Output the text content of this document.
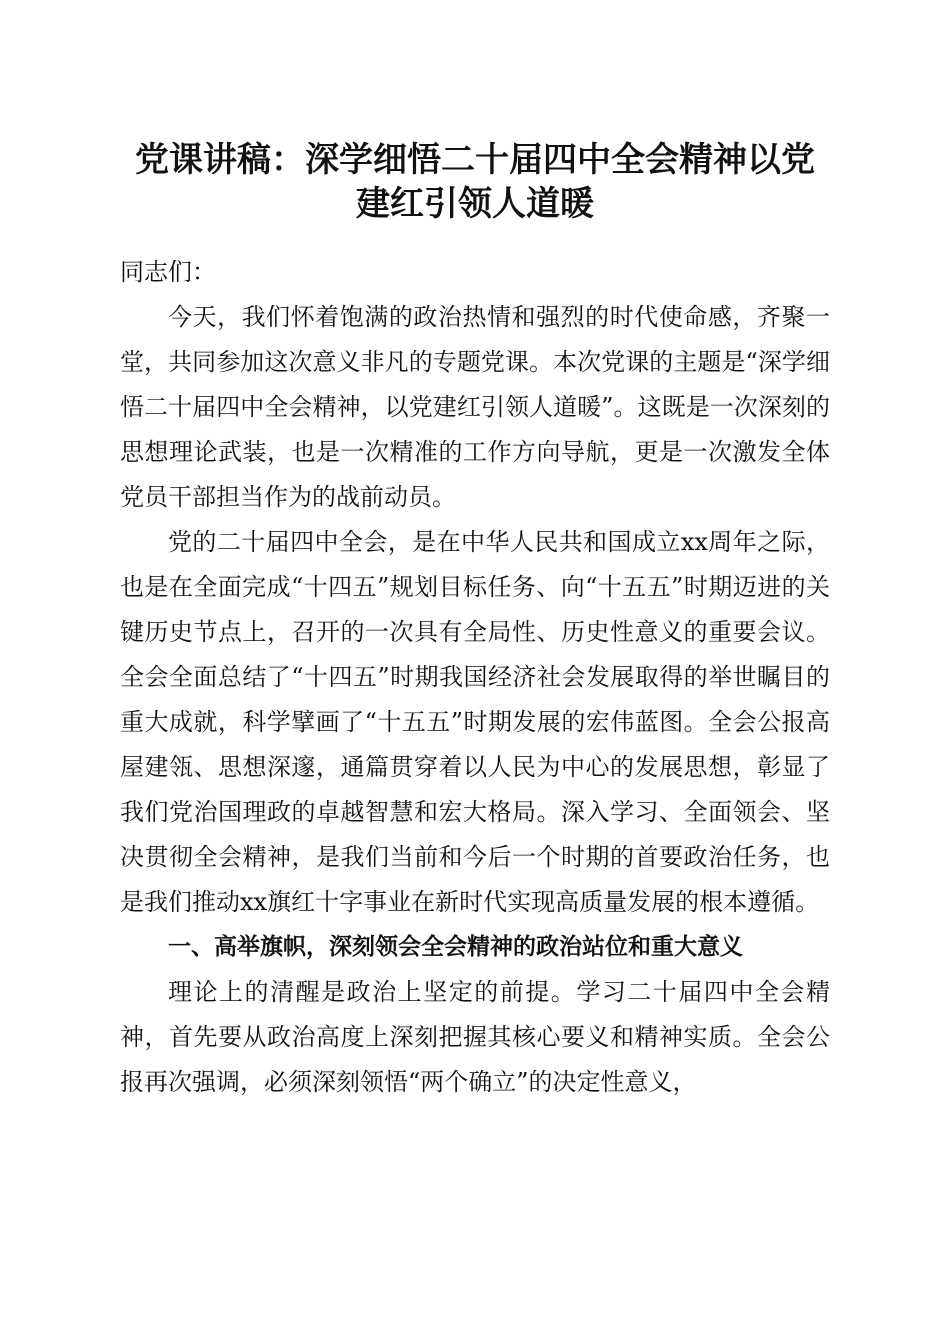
党课讲稿：深学细悟二十届四中全会精神以党
建红引领人道暖

同志们：

今天，我们怀着饱满的政治热情和强烈的时代使命感，齐聚一堂，共同参加这次意义非凡的专题党课。本次党课的主题是“深学细悟二十届四中全会精神，以党建红引领人道暖”。这既是一次深刻的思想理论武装，也是一次精准的工作方向导航，更是一次激发全体党员干部担当作为的战前动员。

党的二十届四中全会，是在中华人民共和国成立xx周年之际，也是在全面完成“十四五”规划目标任务、向“十五五”时期迈进的关键历史节点上，召开的一次具有全局性、历史性意义的重要会议。全会全面总结了“十四五”时期我国经济社会发展取得的举世瞩目的重大成就，科学擘画了“十五五”时期发展的宏伟蓝图。全会公报高屋建瓴、思想深邃，通篇贯穿着以人民为中心的发展思想，彰显了我们党治国理政的卓越智慧和宏大格局。深入学习、全面领会、坚决贯彻全会精神，是我们当前和今后一个时期的首要政治任务，也是我们推动xx旗红十字事业在新时代实现高质量发展的根本遵循。

一、高举旗帜，深刻领会全会精神的政治站位和重大意义

理论上的清醒是政治上坚定的前提。学习二十届四中全会精神，首先要从政治高度上深刻把握其核心要义和精神实质。全会公报再次强调，必须深刻领悟“两个确立”的决定性意义，
